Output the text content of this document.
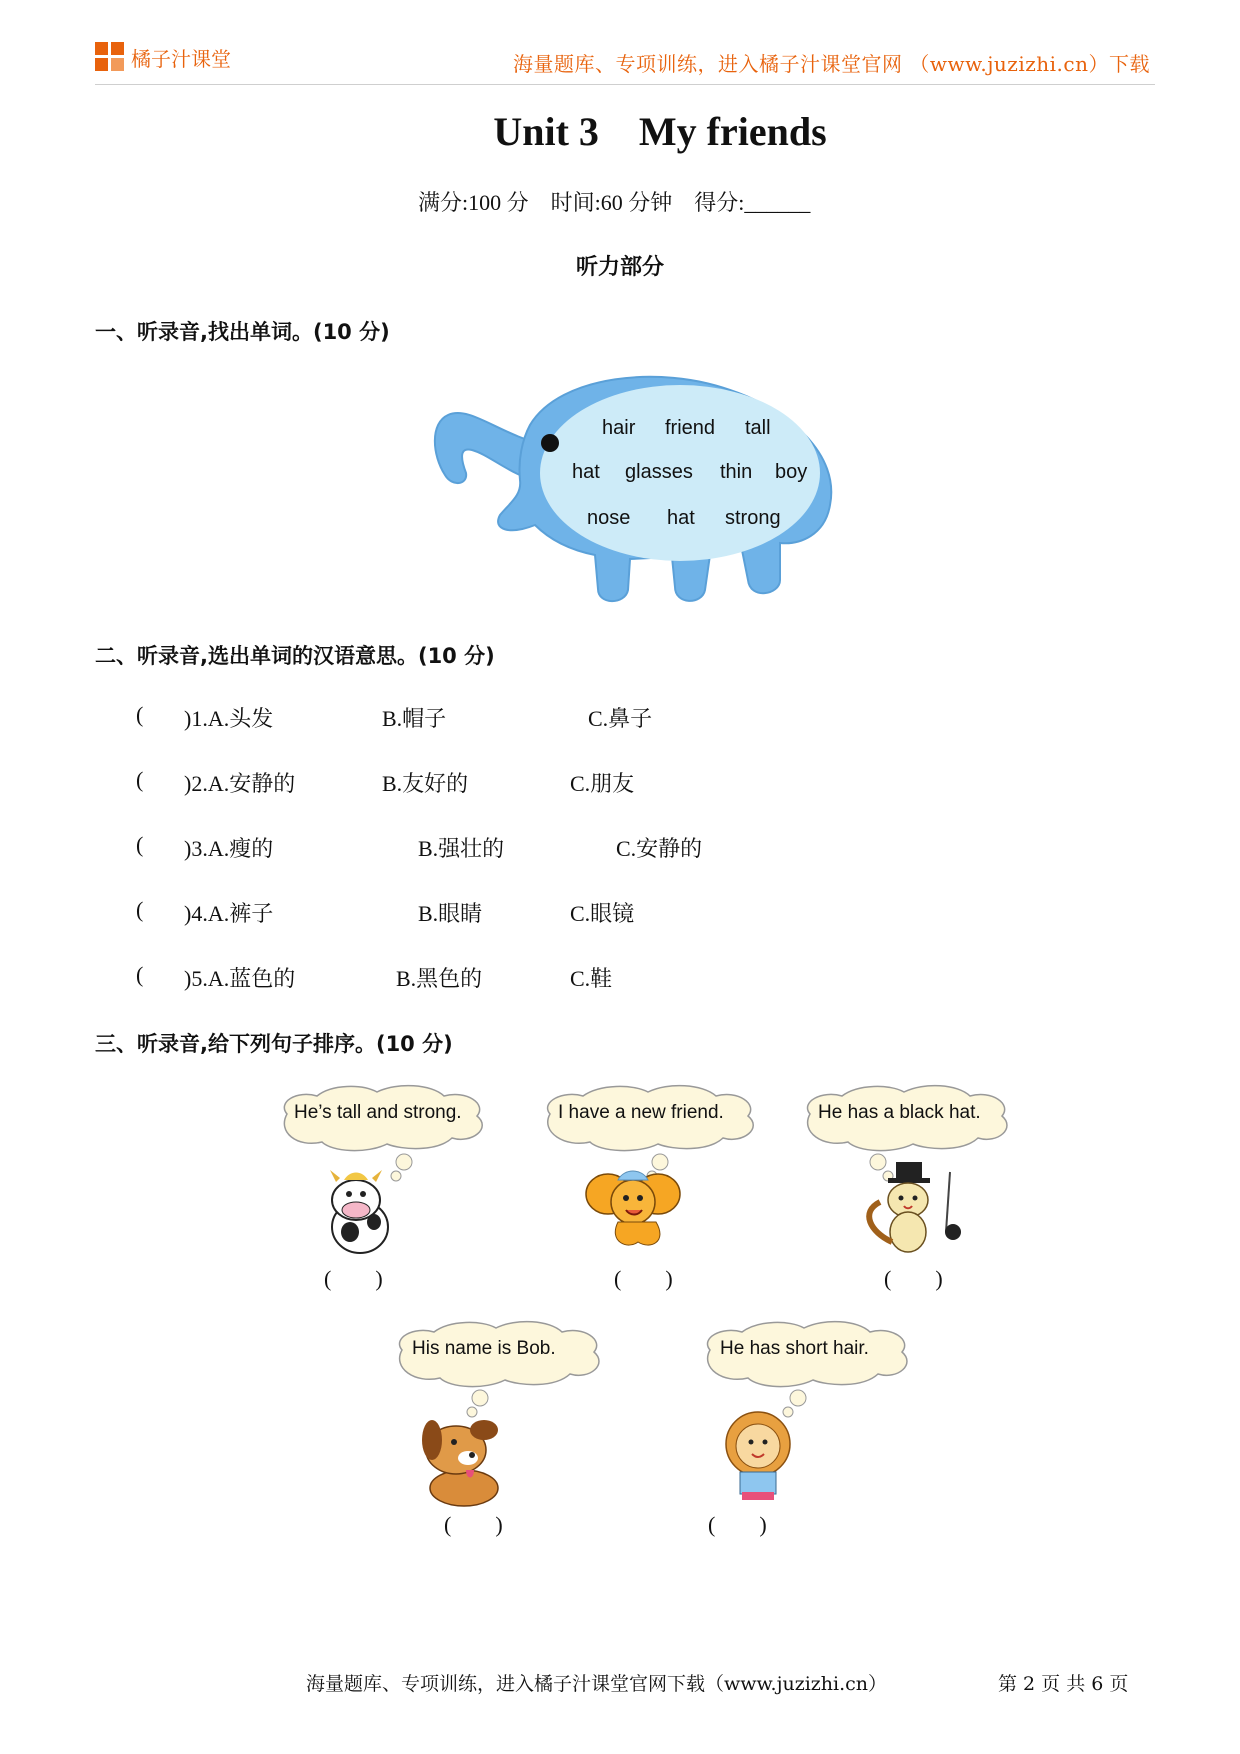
橘子汁课堂	海量题库、专项训练，进入橘子汁课堂官网 （www.juzizhi.cn）下载
Unit 3 My friends
满分:100 分　时间:60 分钟　得分:______
听力部分
一、听录音,找出单词。(10 分)
hair friend tall
hat glasses thin boy
nose hat strong
二、听录音,选出单词的汉语意思。(10 分)
( )1.A.头发	B.帽子	C.鼻子
( )2.A.安静的	B.友好的	C.朋友
( )3.A.瘦的	B.强壮的	C.安静的
( )4.A.裤子	B.眼睛	C.眼镜
( )5.A.蓝色的	B.黑色的	C.鞋
三、听录音,给下列句子排序。(10 分)
He’s tall and strong.
(　　)
I have a new friend.
(　　)
He has a black hat.
(　　)
His name is Bob.
(　　)
He has short hair.
(　　)
海量题库、专项训练，进入橘子汁课堂官网下载（www.juzizhi.cn）	第 2 页 共 6 页
